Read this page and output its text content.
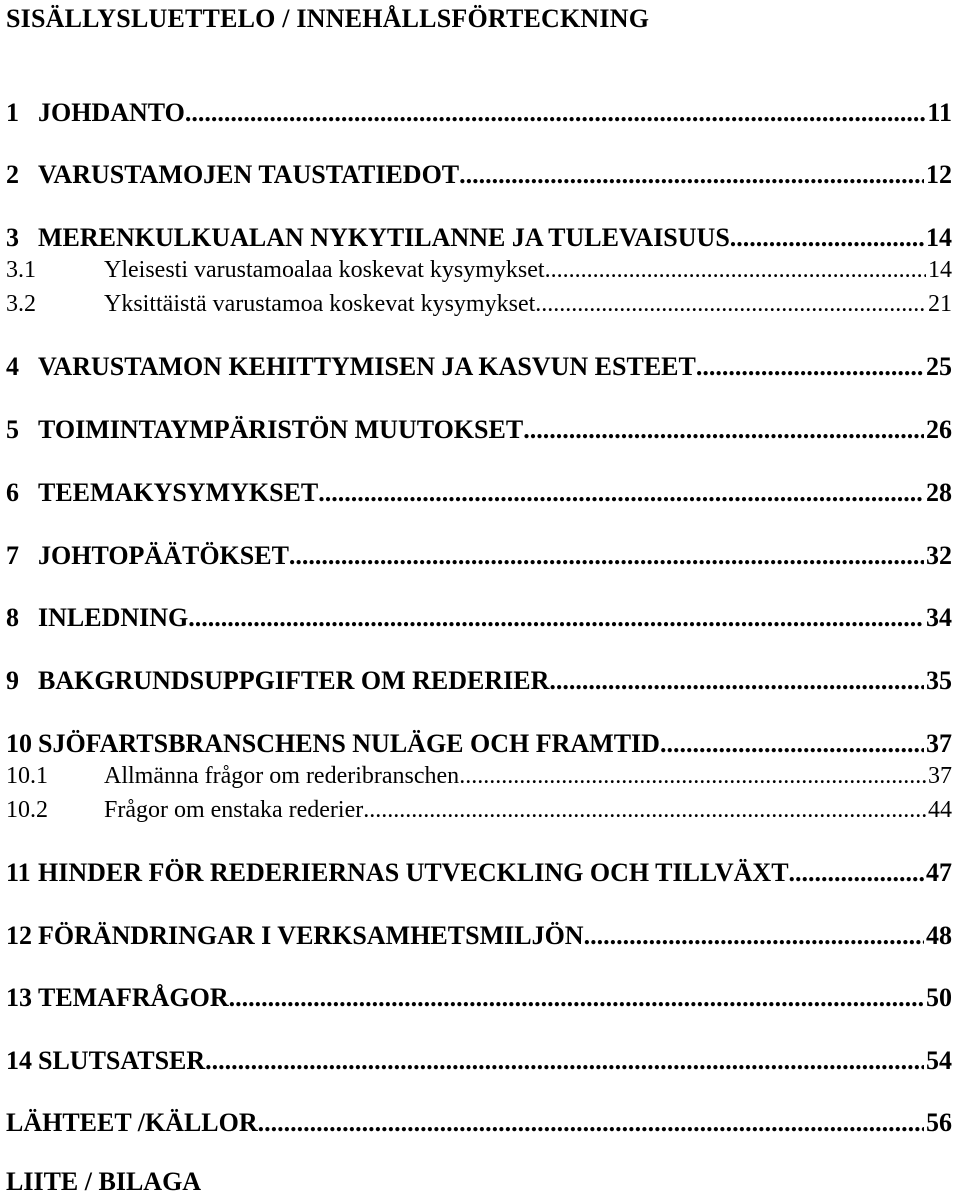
SISÄLLYSLUETTELO / INNEHÅLLSFÖRTECKNING
1 JOHDANTO .....	11
2 VARUSTAMOJEN TAUSTATIEDOT .....	12
3 MERENKULKUALAN NYKYTILANNE JA TULEVAISUUS .....	14
3.1	Yleisesti varustamoalaa koskevat kysymykset .....	14
3.2	Yksittäistä varustamoa koskevat kysymykset .....	21
4 VARUSTAMON KEHITTYMISEN JA KASVUN ESTEET .....	25
5 TOIMINTAYMPÄRISTÖN MUUTOKSET .....	26
6 TEEMAKYSYMYKSET .....	28
7 JOHTOPÄÄTÖKSET .....	32
8 INLEDNING .....	34
9 BAKGRUNDSUPPGIFTER OM REDERIER .....	35
10 SJÖFARTSBRANSCHENS NULÄGE OCH FRAMTID .....	37
10.1	Allmänna frågor om rederibranschen .....	37
10.2	Frågor om enstaka rederier .....	44
11 HINDER FÖR REDERIERNAS UTVECKLING OCH TILLVÄXT .....	47
12 FÖRÄNDRINGAR I VERKSAMHETSMILJÖN .....	48
13 TEMAFRÅGOR .....	50
14 SLUTSATSER .....	54
LÄHTEET /KÄLLOR .....	56
LIITE / BILAGA
